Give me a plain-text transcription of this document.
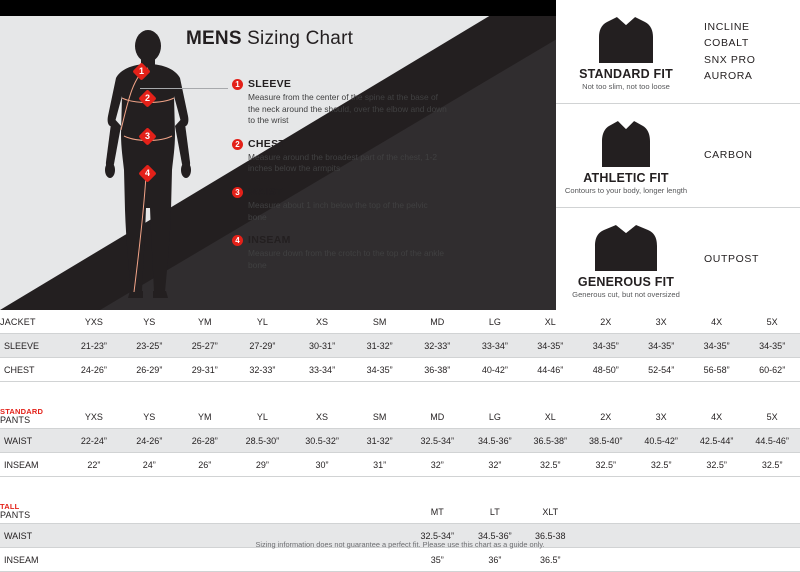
MENS Sizing Chart
1
2
3
4
1 SLEEVE

Measure from the center of the spine at the base of the neck around the should, over the elbow and down to the wrist

2 CHEST

Measure around the broadest part of the chest, 1-2 inches below the armpits

3 WAIST

Measure about 1 inch below the top of the pelvic bone

4 INSEAM

Measure down from the crotch to the top of the ankle bone

STANDARD FIT
Not too slim, not too loose
INCLINE
COBALT
SNX PRO
AURORA
ATHLETIC FIT
Contours to your body, longer length
CARBON
GENEROUS FIT
Generous cut, but not oversized
OUTPOST
JACKET	YXS	YS	YM	YL	XS	SM	MD	LG	XL	2X	3X	4X	5X
SLEEVE	21-23”	23-25”	25-27”	27-29”	30-31”	31-32”	32-33”	33-34”	34-35”	34-35”	34-35”	34-35”	34-35”
CHEST	24-26”	26-29”	29-31”	32-33”	33-34”	34-35”	36-38”	40-42”	44-46”	48-50”	52-54”	56-58”	60-62”

STANDARD
PANTS	YXS	YS	YM	YL	XS	SM	MD	LG	XL	2X	3X	4X	5X
WAIST	22-24”	24-26”	26-28”	28.5-30”	30.5-32”	31-32”	32.5-34”	34.5-36”	36.5-38”	38.5-40”	40.5-42”	42.5-44”	44.5-46”
INSEAM	22”	24”	26”	29”	30”	31”	32”	32”	32.5”	32.5”	32.5”	32.5”	32.5”

TALL
PANTS							MT	LT	XLT				
WAIST							32.5-34”	34.5-36”	36.5-38				
INSEAM							35”	36”	36.5”				
Sizing information does not guarantee a perfect fit. Please use this chart as a guide only.
